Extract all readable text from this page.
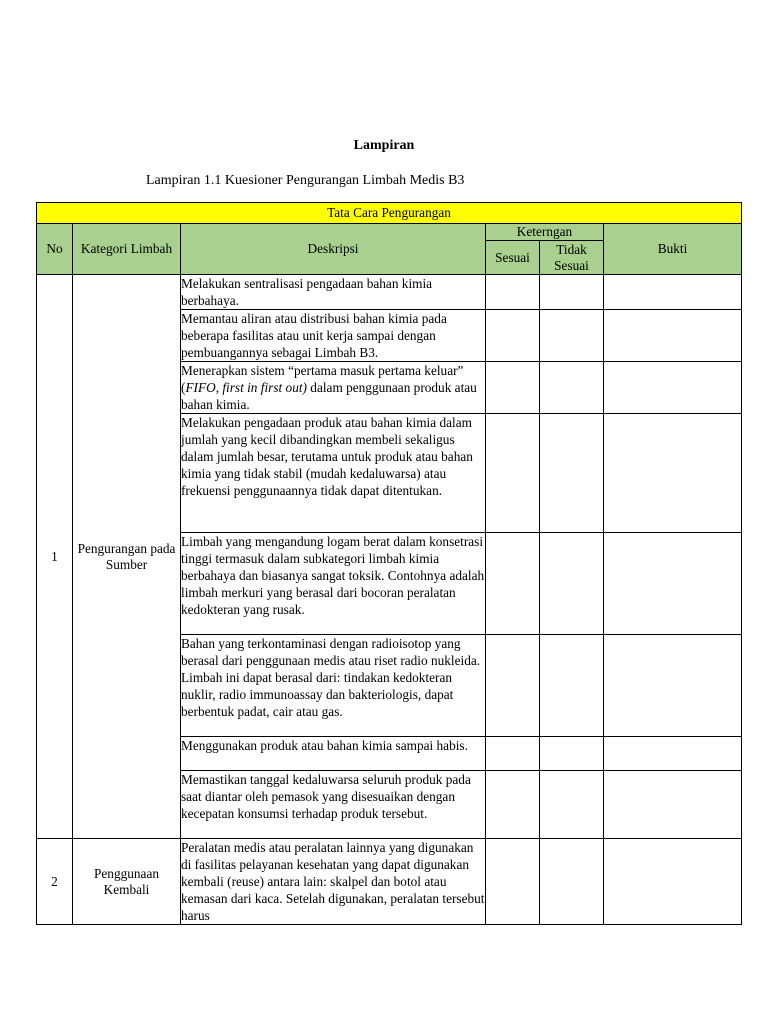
Lampiran
Lampiran 1.1 Kuesioner Pengurangan Limbah Medis B3
Tata Cara Pengurangan					
No	Kategori Limbah	Deskripsi	Keterngan		Bukti
			Sesuai	Tidak Sesuai	
1	Pengurangan pada Sumber	Melakukan sentralisasi pengadaan bahan kimia berbahaya.			
		Memantau aliran atau distribusi bahan kimia pada beberapa fasilitas atau unit kerja sampai dengan pembuangannya sebagai Limbah B3.			
		Menerapkan sistem “pertama masuk pertama keluar” (FIFO, first in first out) dalam penggunaan produk atau bahan kimia.			
		Melakukan pengadaan produk atau bahan kimia dalam jumlah yang kecil dibandingkan membeli sekaligus dalam jumlah besar, terutama untuk produk atau bahan kimia yang tidak stabil (mudah kedaluwarsa) atau frekuensi penggunaannya tidak dapat ditentukan.			
		Limbah yang mengandung logam berat dalam konsetrasi tinggi termasuk dalam subkategori limbah kimia berbahaya dan biasanya sangat toksik. Contohnya adalah limbah merkuri yang berasal dari bocoran peralatan kedokteran yang rusak.			
		Bahan yang terkontaminasi dengan radioisotop yang berasal dari penggunaan medis atau riset radio nukleida. Limbah ini dapat berasal dari: tindakan kedokteran nuklir, radio immunoassay dan bakteriologis, dapat berbentuk padat, cair atau gas.			
		Menggunakan produk atau bahan kimia sampai habis.			
		Memastikan tanggal kedaluwarsa seluruh produk pada saat diantar oleh pemasok yang disesuaikan dengan kecepatan konsumsi terhadap produk tersebut.			
2	Penggunaan Kembali	Peralatan medis atau peralatan lainnya yang digunakan di fasilitas pelayanan kesehatan yang dapat digunakan kembali (reuse) antara lain: skalpel dan botol atau kemasan dari kaca. Setelah digunakan, peralatan tersebut harus			
